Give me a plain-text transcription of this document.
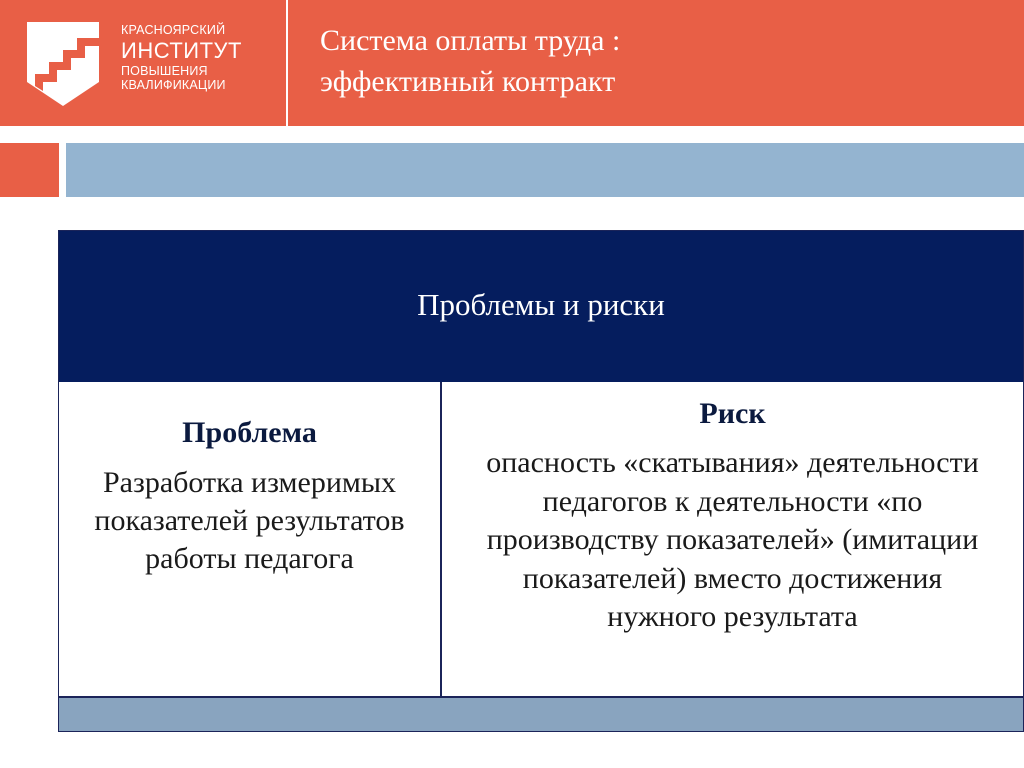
КРАСНОЯРСКИЙ
ИНСТИТУТ
ПОВЫШЕНИЯ
КВАЛИФИКАЦИИ
Система оплаты труда :
эффективный контракт
Проблемы и риски
Проблема
Разработка измеримых показателей результатов работы педагога
Риск
опасность «скатывания» деятельности педагогов к деятельности «по производству показателей» (имитации показателей) вместо достижения нужного результата
